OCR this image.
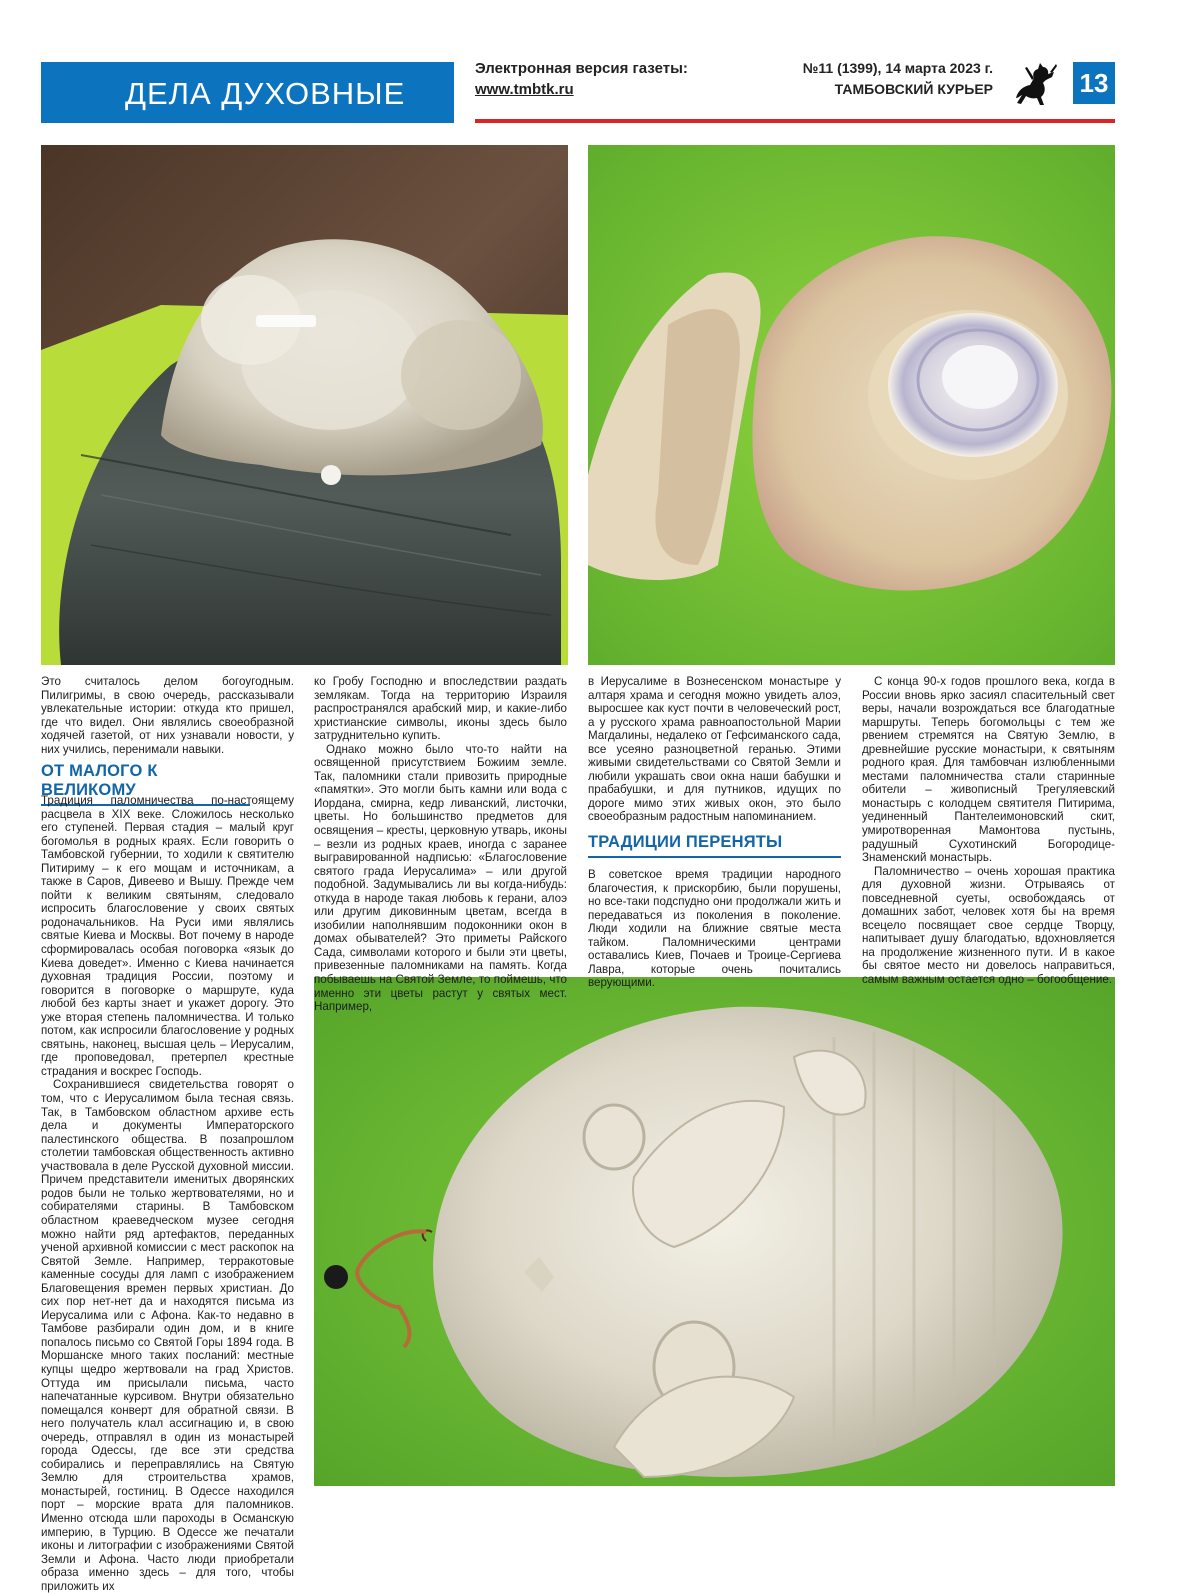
ДЕЛА ДУХОВНЫЕ
Электронная версия газеты:
www.tmbtk.ru
№11 (1399), 14 марта 2023 г.
ТАМБОВСКИЙ КУРЬЕР	13

Это считалось делом богоугодным. Пилигримы, в свою очередь, рассказывали увлекательные истории: откуда кто пришел, где что видел. Они являлись своеобразной ходячей газетой, от них узнавали новости, у них учились, перенимали навыки.

ОТ МАЛОГО К ВЕЛИКОМУ

Традиция паломничества по-настоящему расцвела в XIX веке. Сложилось несколько его ступеней. Первая стадия – малый круг богомолья в родных краях. Если говорить о Тамбовской губернии, то ходили к святителю Питириму – к его мощам и источникам, а также в Саров, Дивеево и Вышу. Прежде чем пойти к великим святыням, следовало испросить благословение у своих святых родоначальников. На Руси ими являлись святые Киева и Москвы. Вот почему в народе сформировалась особая поговорка «язык до Киева доведет». Именно с Киева начинается духовная традиция России, поэтому и говорится в поговорке о маршруте, куда любой без карты знает и укажет дорогу. Это уже вторая степень паломничества. И только потом, как испросили благословение у родных святынь, наконец, высшая цель – Иерусалим, где проповедовал, претерпел крестные страдания и воскрес Господь.

Сохранившиеся свидетельства говорят о том, что с Иерусалимом была тесная связь. Так, в Тамбовском областном архиве есть дела и документы Императорского палестинского общества. В позапрошлом столетии тамбовская общественность активно участвовала в деле Русской духовной миссии. Причем представители именитых дворянских родов были не только жертвователями, но и собирателями старины. В Тамбовском областном краеведческом музее сегодня можно найти ряд артефактов, переданных ученой архивной комиссии с мест раскопок на Святой Земле. Например, терракотовые каменные сосуды для ламп с изображением Благовещения времен первых христиан. До сих пор нет-нет да и находятся письма из Иерусалима или с Афона. Как-то недавно в Тамбове разбирали один дом, и в книге попалось письмо со Святой Горы 1894 года. В Моршанске много таких посланий: местные купцы щедро жертвовали на град Христов. Оттуда им присылали письма, часто напечатанные курсивом. Внутри обязательно помещался конверт для обратной связи. В него получатель клал ассигнацию и, в свою очередь, отправлял в один из монастырей города Одессы, где все эти средства собирались и переправлялись на Святую Землю для строительства храмов, монастырей, гостиниц. В Одессе находился порт – морские врата для паломников. Именно отсюда шли пароходы в Османскую империю, в Турцию. В Одессе же печатали иконы и литографии с изображениями Святой Земли и Афона. Часто люди приобретали образа именно здесь – для того, чтобы приложить их

ко Гробу Господню и впоследствии раздать землякам. Тогда на территорию Израиля распространялся арабский мир, и какие-либо христианские символы, иконы здесь было затруднительно купить.

Однако можно было что-то найти на освященной присутствием Божиим земле. Так, паломники стали привозить природные «памятки». Это могли быть камни или вода с Иордана, смирна, кедр ливанский, листочки, цветы. Но большинство предметов для освящения – кресты, церковную утварь, иконы – везли из родных краев, иногда с заранее выгравированной надписью: «Благословение святого града Иерусалима» – или другой подобной. Задумывались ли вы когда-нибудь: откуда в народе такая любовь к герани, алоэ или другим диковинным цветам, всегда в изобилии наполнявшим подоконники окон в домах обывателей? Это приметы Райского Сада, символами которого и были эти цветы, привезенные паломниками на память. Когда побываешь на Святой Земле, то поймешь, что именно эти цветы растут у святых мест. Например,

в Иерусалиме в Вознесенском монастыре у алтаря храма и сегодня можно увидеть алоэ, выросшее как куст почти в человеческий рост, а у русского храма равноапостольной Марии Магдалины, недалеко от Гефсиманского сада, все усеяно разноцветной геранью. Этими живыми свидетельствами со Святой Земли и любили украшать свои окна наши бабушки и прабабушки, и для путников, идущих по дороге мимо этих живых окон, это было своеобразным радостным напоминанием.

ТРАДИЦИИ ПЕРЕНЯТЫ

В советское время традиции народного благочестия, к прискорбию, были порушены, но все-таки подспудно они продолжали жить и передаваться из поколения в поколение. Люди ходили на ближние святые места тайком. Паломническими центрами оставались Киев, Почаев и Троице-Сергиева Лавра, которые очень почитались верующими.

С конца 90-х годов прошлого века, когда в России вновь ярко засиял спасительный свет веры, начали возрождаться все благодатные маршруты. Теперь богомольцы с тем же рвением стремятся на Святую Землю, в древнейшие русские монастыри, к святыням родного края. Для тамбовчан излюбленными местами паломничества стали старинные обители – живописный Трегуляевский монастырь с колодцем святителя Питирима, уединенный Пантелеимоновский скит, умиротворенная Мамонтова пустынь, радушный Сухотинский Богородице-Знаменский монастырь.

Паломничество – очень хорошая практика для духовной жизни. Отрываясь от повседневной суеты, освобождаясь от домашних забот, человек хотя бы на время всецело посвящает свое сердце Творцу, напитывает душу благодатью, вдохновляется на продолжение жизненного пути. И в какое бы святое место ни довелось направиться, самым важным остается одно – богообщение.
